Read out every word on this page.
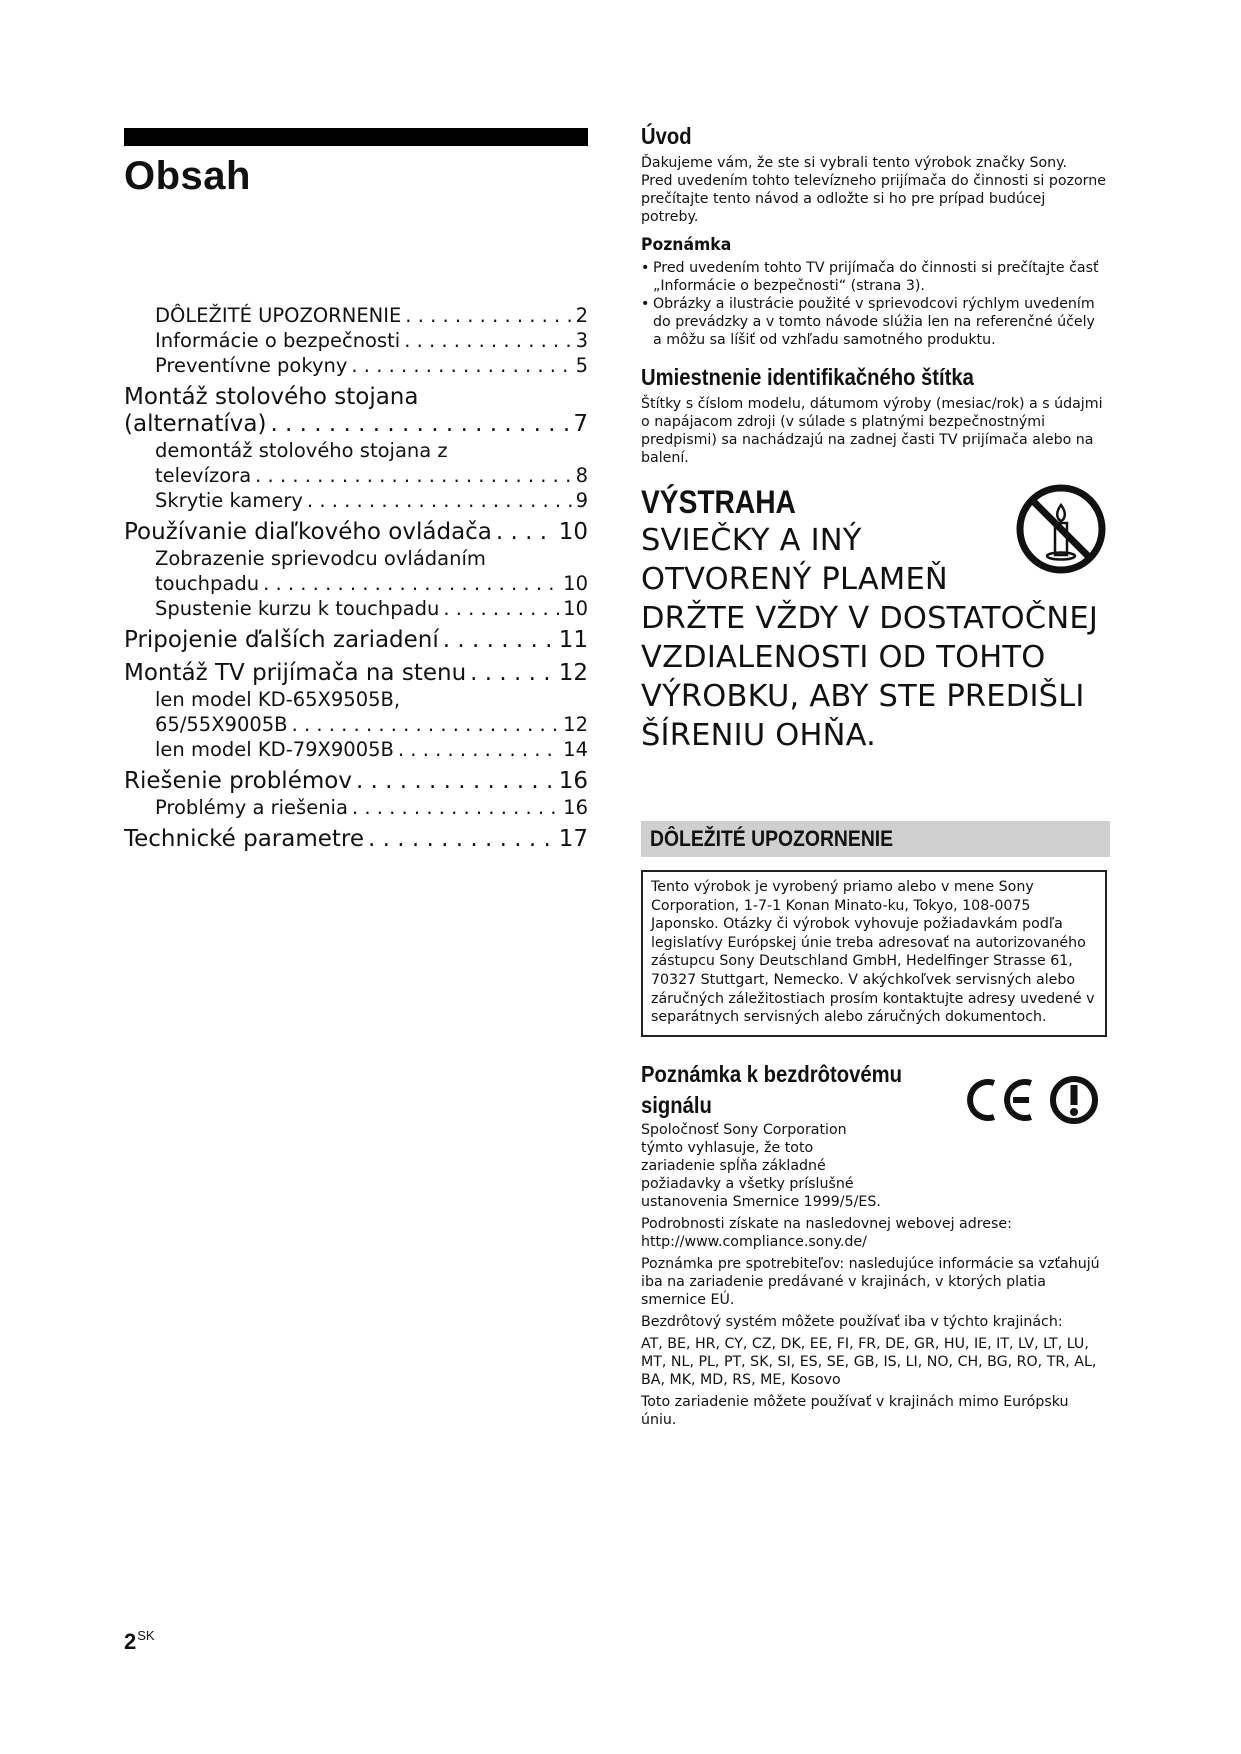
Obsah
DÔLEŽITÉ UPOZORNENIE . . .	2
Informácie o bezpečnosti . . .	3
Preventívne pokyny . . .	5
Montáž stolového stojana
(alternatíva) . . .	7
demontáž stolového stojana z
televízora . . .	8
Skrytie kamery . . .	9
Používanie diaľkového ovládača . . .	10
Zobrazenie sprievodcu ovládaním
touchpadu . . .	10
Spustenie kurzu k touchpadu . . .	10
Pripojenie ďalších zariadení . . .	11
Montáž TV prijímača na stenu . . .	12
len model KD-65X9505B,
65/55X9005B . . .	12
len model KD-79X9005B . . .	14
Riešenie problémov . . .	16
Problémy a riešenia . . .	16
Technické parametre . . .	17
Úvod

Ďakujeme vám, že ste si vybrali tento výrobok značky Sony.

Pred uvedením tohto televízneho prijímača do činnosti si pozorne prečítajte tento návod a odložte si ho pre prípad budúcej potreby.

Poznámka

• Pred uvedením tohto TV prijímača do činnosti si prečítajte časť „Informácie o bezpečnosti“ (strana 3).

• Obrázky a ilustrácie použité v sprievodcovi rýchlym uvedením do prevádzky a v tomto návode slúžia len na referenčné účely a môžu sa líšiť od vzhľadu samotného produktu.

Umiestnenie identifikačného štítka

Štítky s číslom modelu, dátumom výroby (mesiac/rok) a s údajmi o napájacom zdroji (v súlade s platnými bezpečnostnými predpismi) sa nachádzajú na zadnej časti TV prijímača alebo na balení.

VÝSTRAHA
SVIEČKY A INÝ
OTVORENÝ PLAMEŇ
DRŽTE VŽDY V DOSTATOČNEJ
VZDIALENOSTI OD TOHTO
VÝROBKU, ABY STE PREDIŠLI
ŠÍRENIU OHŇA.
DÔLEŽITÉ UPOZORNENIE

Tento výrobok je vyrobený priamo alebo v mene Sony Corporation, 1-7-1 Konan Minato-ku, Tokyo, 108-0075 Japonsko. Otázky či výrobok vyhovuje požiadavkám podľa legislatívy Európskej únie treba adresovať na autorizovaného zástupcu Sony Deutschland GmbH, Hedelfinger Strasse 61, 70327 Stuttgart, Nemecko. V akýchkoľvek servisných alebo záručných záležitostiach prosím kontaktujte adresy uvedené v separátnych servisných alebo záručných dokumentoch.

Poznámka k bezdrôtovému
signálu

Spoločnosť Sony Corporation týmto vyhlasuje, že toto zariadenie spĺňa základné požiadavky a všetky príslušné ustanovenia Smernice 1999/5/ES.

Podrobnosti získate na nasledovnej webovej adrese: http://www.compliance.sony.de/

Poznámka pre spotrebiteľov: nasledujúce informácie sa vzťahujú iba na zariadenie predávané v krajinách, v ktorých platia smernice EÚ.

Bezdrôtový systém môžete používať iba v týchto krajinách:

AT, BE, HR, CY, CZ, DK, EE, FI, FR, DE, GR, HU, IE, IT, LV, LT, LU, MT, NL, PL, PT, SK, SI, ES, SE, GB, IS, LI, NO, CH, BG, RO, TR, AL, BA, MK, MD, RS, ME, Kosovo

Toto zariadenie môžete používať v krajinách mimo Európsku úniu.

$2^{SK}$
